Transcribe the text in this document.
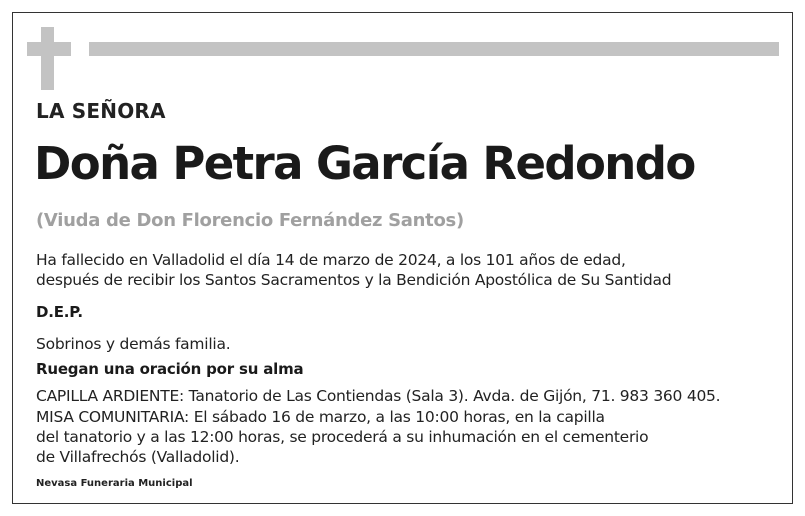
LA SEÑORA
Doña Petra García Redondo
(Viuda de Don Florencio Fernández Santos)
Ha fallecido en Valladolid el día 14 de marzo de 2024, a los 101 años de edad,
después de recibir los Santos Sacramentos y la Bendición Apostólica de Su Santidad
D.E.P.
Sobrinos y demás familia.
Ruegan una oración por su alma
CAPILLA ARDIENTE: Tanatorio de Las Contiendas (Sala 3). Avda. de Gijón, 71. 983 360 405.
MISA COMUNITARIA: El sábado 16 de marzo, a las 10:00 horas, en la capilla
del tanatorio y a las 12:00 horas, se procederá a su inhumación en el cementerio
de Villafrechós (Valladolid).
Nevasa Funeraria Municipal
